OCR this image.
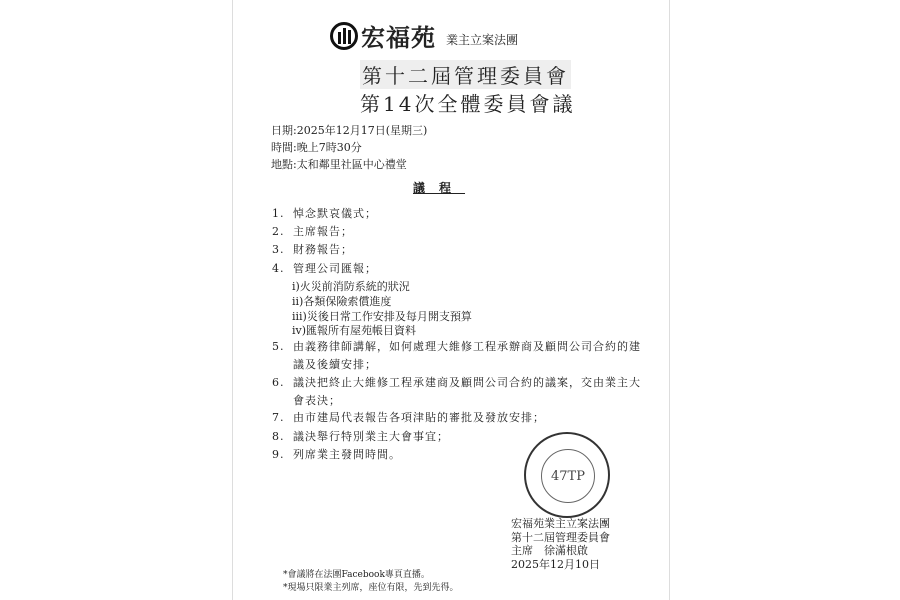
宏福苑 業主立案法團
第十二屆管理委員會
第14次全體委員會議
日期:2025年12月17日(星期三)
時間:晚上7時30分
地點:太和鄰里社區中心禮堂
議程
1. 悼念默哀儀式；
2. 主席報告；
3. 財務報告；
4. 管理公司匯報；
i)火災前消防系統的狀況
ii)各類保險索償進度
iii)災後日常工作安排及每月開支預算
iv)匯報所有屋苑帳目資料
5. 由義務律師講解，如何處理大維修工程承辦商及顧問公司合約的建
議及後續安排；
6. 議決把終止大維修工程承建商及顧問公司合約的議案，交由業主大
會表決；
7. 由市建局代表報告各項津貼的審批及發放安排；
8. 議決舉行特別業主大會事宜；
9. 列席業主發問時間。
47TP
宏福苑業主立案法團
第十二屆管理委員會
主席　徐滿根啟
2025年12月10日
*會議將在法團Facebook專頁直播。
*現場只限業主列席，座位有限，先到先得。
